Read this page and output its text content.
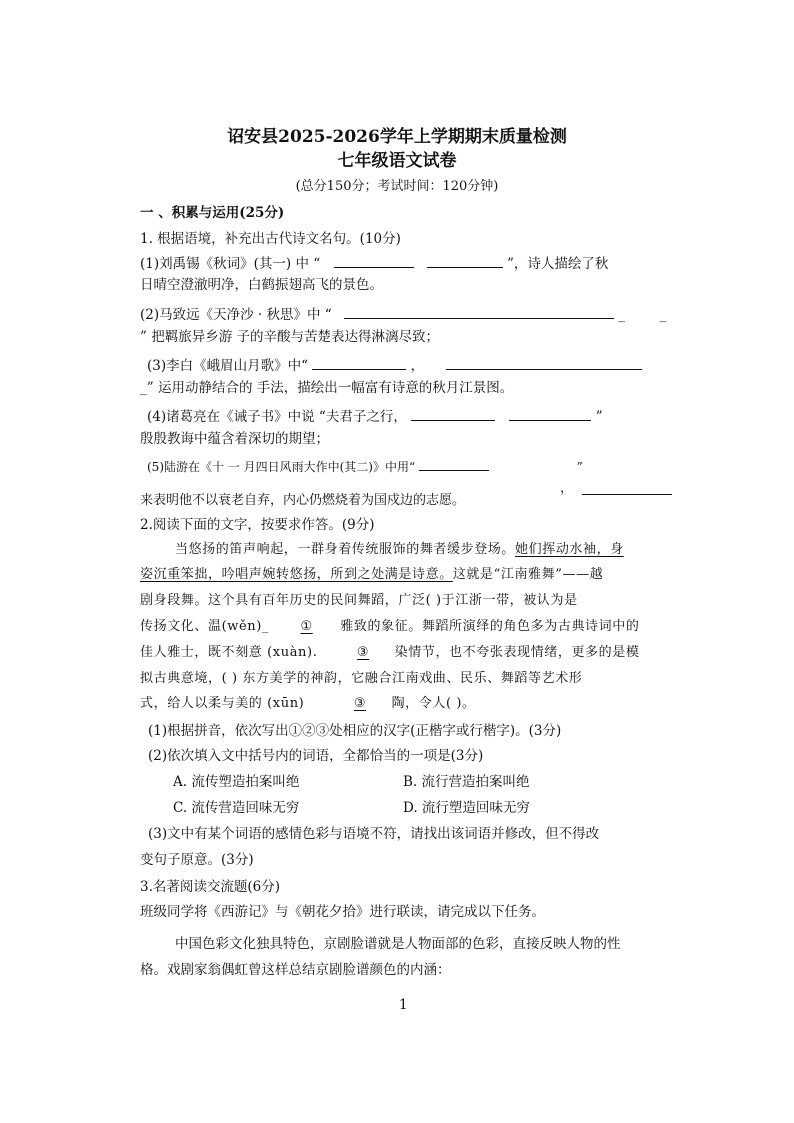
诏安县2025-2026学年上学期期末质量检测
七年级语文试卷
(总分150分；考试时间：120分钟)
一 、积累与运用(25分)
1. 根据语境，补充出古代诗文名句。(10分)
(1)刘禹锡《秋词》(其一) 中 “	”，诗人描绘了秋
日晴空澄澈明净，白鹤振翅高飞的景色。
(2)马致远《天净沙 · 秋思》中 “	_	_
” 把羁旅异乡游 子的辛酸与苦楚表达得淋漓尽致；
(3)李白《峨眉山月歌》中“	，
_” 运用动静结合的 手法，描绘出一幅富有诗意的秋月江景图。
(4)诸葛亮在《诫子书》中说 “夫君子之行，	”
殷殷教诲中蕴含着深切的期望；
(5)陆游在《十 一 月四日风雨大作中(其二)》中用“	”
，
来表明他不以衰老自弃，内心仍燃烧着为国戍边的志愿。
2.阅读下面的文字，按要求作答。(9分)
当悠扬的笛声响起，一群身着传统服饰的舞者缓步登场。她们挥动水袖，身
姿沉重笨拙，吟唱声婉转悠扬，所到之处满是诗意。这就是“江南雅舞”——越
剧身段舞。这个具有百年历史的民间舞蹈，广泛( )于江浙一带，被认为是
传扬文化、温(wěn)_ ① 雅致的象征。舞蹈所演绎的角色多为古典诗词中的
佳人雅士，既不刻意 (xuàn).	③ 染情节，也不夸张表现情绪，更多的是模
拟古典意境，( ) 东方美学的神韵，它融合江南戏曲、民乐、舞蹈等艺术形
式，给人以柔与美的 (xūn)	③ 陶，令人( )。
(1)根据拼音，依次写出①②③处相应的汉字(正楷字或行楷字)。(3分)
(2)依次填入文中括号内的词语，全都恰当的一项是(3分)
A. 流传塑造拍案叫绝	B. 流行营造拍案叫绝
C. 流传营造回味无穷	D. 流行塑造回味无穷
(3)文中有某个词语的感情色彩与语境不符，请找出该词语并修改，但不得改
变句子原意。(3分)
3.名著阅读交流题(6分)
班级同学将《西游记》与《朝花夕拾》进行联读，请完成以下任务。
中国色彩文化独具特色，京剧脸谱就是人物面部的色彩，直接反映人物的性
格。戏剧家翁偶虹曾这样总结京剧脸谱颜色的内涵：
1
